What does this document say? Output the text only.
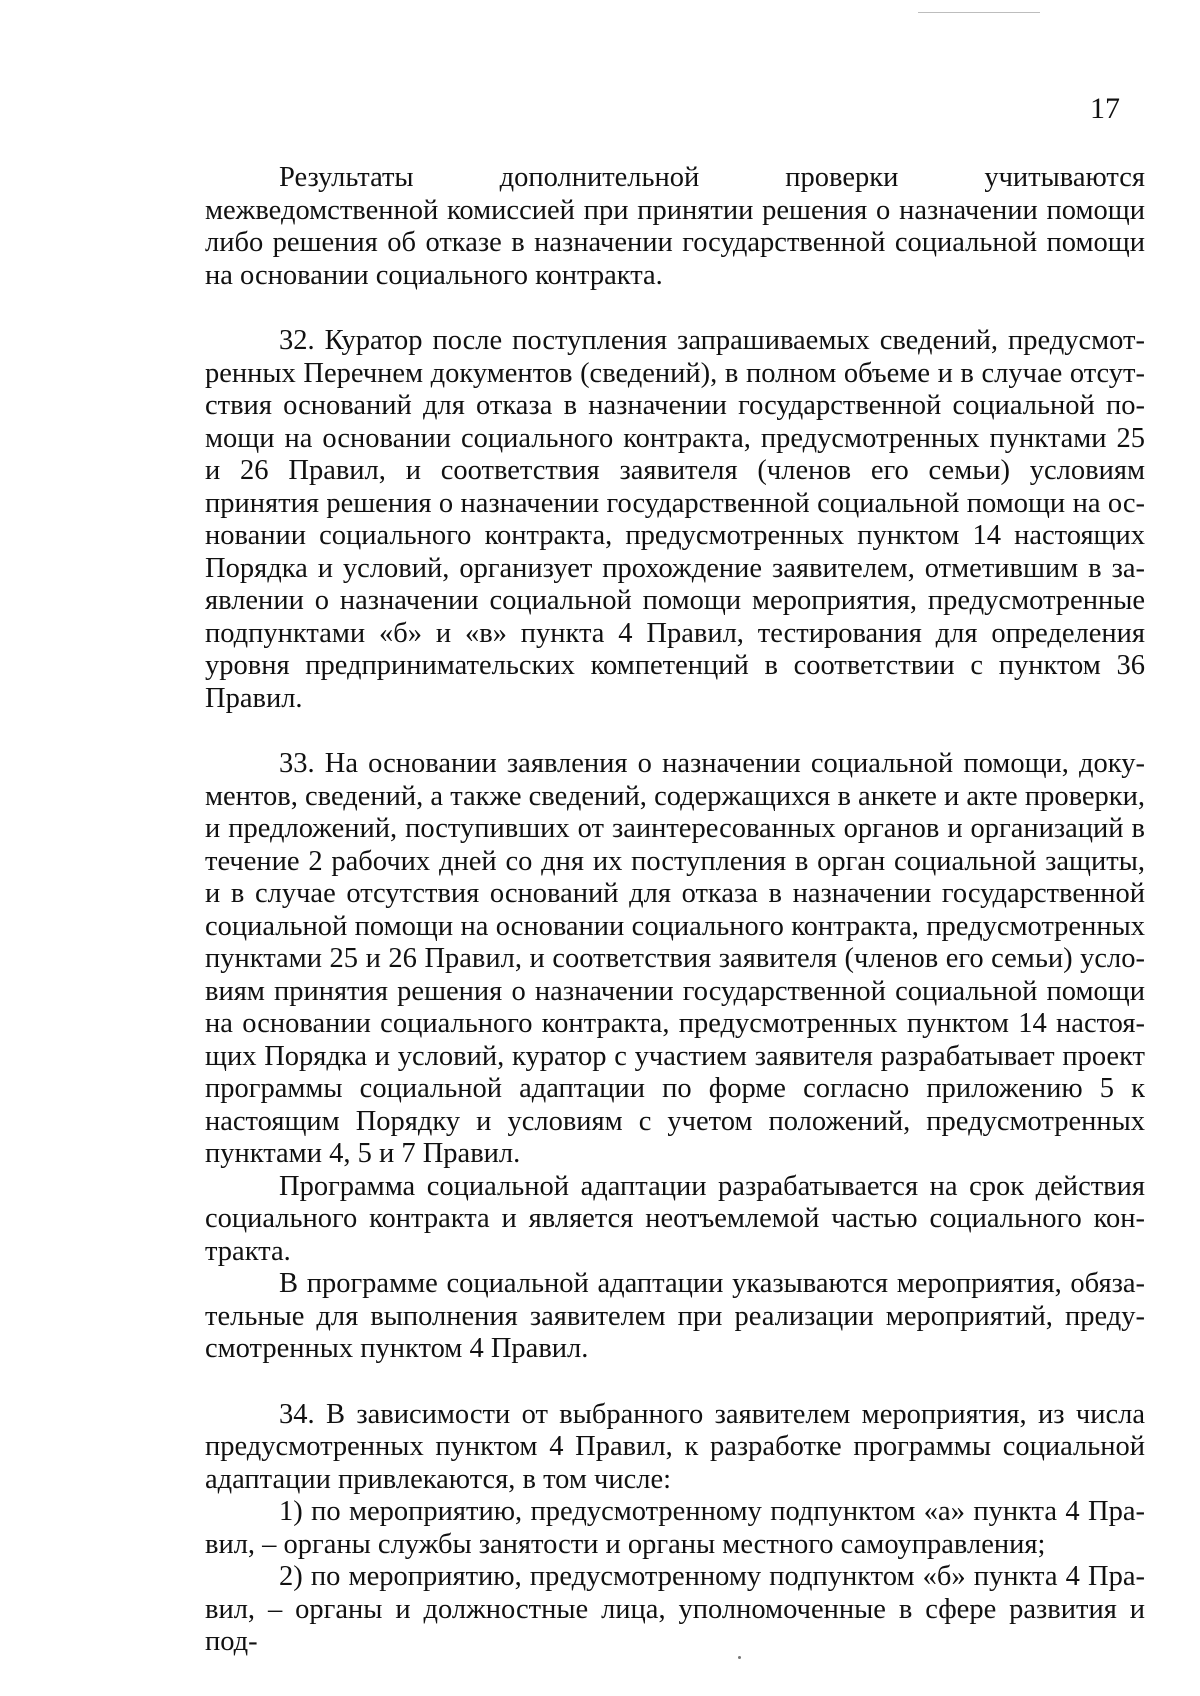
17

Результаты дополнительной проверки учитываются межведомственной комиссией при принятии решения о назначении помощи либо решения об отказе в назначении государственной социальной помощи на основании социального контракта.

32. Куратор после поступления запрашиваемых сведений, предусмотренных Перечнем документов (сведений), в полном объеме и в случае отсутствия оснований для отказа в назначении государственной социальной помощи на основании социального контракта, предусмотренных пунктами 25 и 26 Правил, и соответствия заявителя (членов его семьи) условиям принятия решения о назначении государственной социальной помощи на основании социального контракта, предусмотренных пунктом 14 настоящих Порядка и условий, организует прохождение заявителем, отметившим в заявлении о назначении социальной помощи мероприятия, предусмотренные подпунктами «б» и «в» пункта 4 Правил, тестирования для определения уровня предпринимательских компетенций в соответствии с пунктом 36 Правил.

33. На основании заявления о назначении социальной помощи, документов, сведений, а также сведений, содержащихся в анкете и акте проверки, и предложений, поступивших от заинтересованных органов и организаций в течение 2 рабочих дней со дня их поступления в орган социальной защиты, и в случае отсутствия оснований для отказа в назначении государственной социальной помощи на основании социального контракта, предусмотренных пунктами 25 и 26 Правил, и соответствия заявителя (членов его семьи) условиям принятия решения о назначении государственной социальной помощи на основании социального контракта, предусмотренных пунктом 14 настоящих Порядка и условий, куратор с участием заявителя разрабатывает проект программы социальной адаптации по форме согласно приложению 5 к настоящим Порядку и условиям с учетом положений, предусмотренных пунктами 4, 5 и 7 Правил.

Программа социальной адаптации разрабатывается на срок действия социального контракта и является неотъемлемой частью социального контракта.

В программе социальной адаптации указываются мероприятия, обязательные для выполнения заявителем при реализации мероприятий, предусмотренных пунктом 4 Правил.

34. В зависимости от выбранного заявителем мероприятия, из числа предусмотренных пунктом 4 Правил, к разработке программы социальной адаптации привлекаются, в том числе:

1) по мероприятию, предусмотренному подпунктом «а» пункта 4 Правил, – органы службы занятости и органы местного самоуправления;

2) по мероприятию, предусмотренному подпунктом «б» пункта 4 Правил, – органы и должностные лица, уполномоченные в сфере развития и под-
